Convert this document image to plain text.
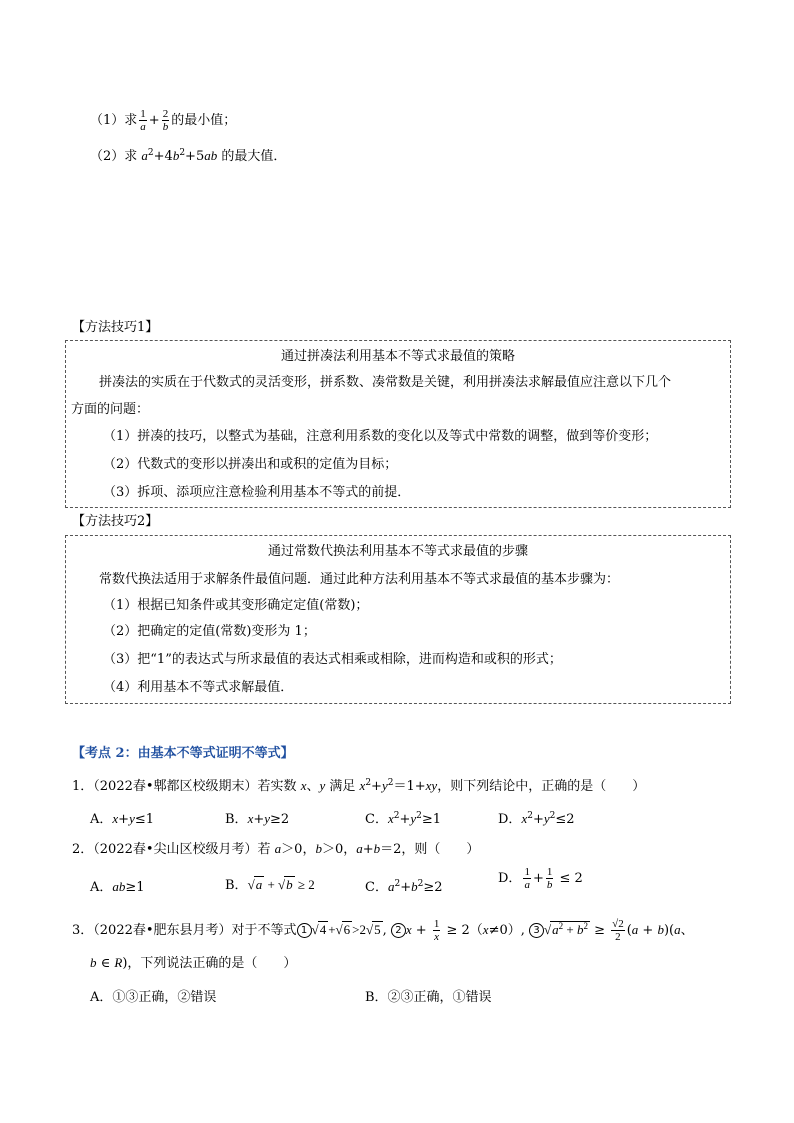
（1）求 $\frac{1}{a} + \frac{2}{b}$ 的最小值；
（2）求 $a^2+4b^2+5ab$ 的最大值．
【方法技巧1】
通过拼凑法利用基本不等式求最值的策略
拼凑法的实质在于代数式的灵活变形，拼系数、凑常数是关键，利用拼凑法求解最值应注意以下几个
方面的问题：
（1）拼凑的技巧，以整式为基础，注意利用系数的变化以及等式中常数的调整，做到等价变形；
（2）代数式的变形以拼凑出和或积的定值为目标；
（3）拆项、添项应注意检验利用基本不等式的前提．
【方法技巧2】
通过常数代换法利用基本不等式求最值的步骤
常数代换法适用于求解条件最值问题．通过此种方法利用基本不等式求最值的基本步骤为：
（1）根据已知条件或其变形确定定值(常数)；
（2）把确定的定值(常数)变形为 1；
（3）把“1”的表达式与所求最值的表达式相乘或相除，进而构造和或积的形式；
（4）利用基本不等式求解最值．
【考点 2：由基本不等式证明不等式】
1．（2022春•郫都区校级期末）若实数 x、y 满足 $x^2+y^2=1+xy$，则下列结论中，正确的是（　　）
A．x+y≤1	B．x+y≥2	C．$x^2+y^2\ge 1$	D．$x^2+y^2\le 2$
2．（2022春•尖山区校级月考）若 a＞0，b＞0，a+b＝2，则（　　）
A．ab≥1	B．√a + √b ≥ 2	C．$a^2+b^2\ge 2$
D． $\frac{1}{a} + \frac{1}{b} \le 2$
3．（2022春•肥东县月考）对于不等式 1 √4 +√6 >2√5 , 2 $x + \frac{1}{x} \ge 2(x\ne 0)$, 3 $√a^2 + b^2 \ge \frac{√2}{2} (a + b)(a$、
b ∈ R)，下列说法正确的是（　　）
A．①③正确，②错误	B．②③正确，①错误
